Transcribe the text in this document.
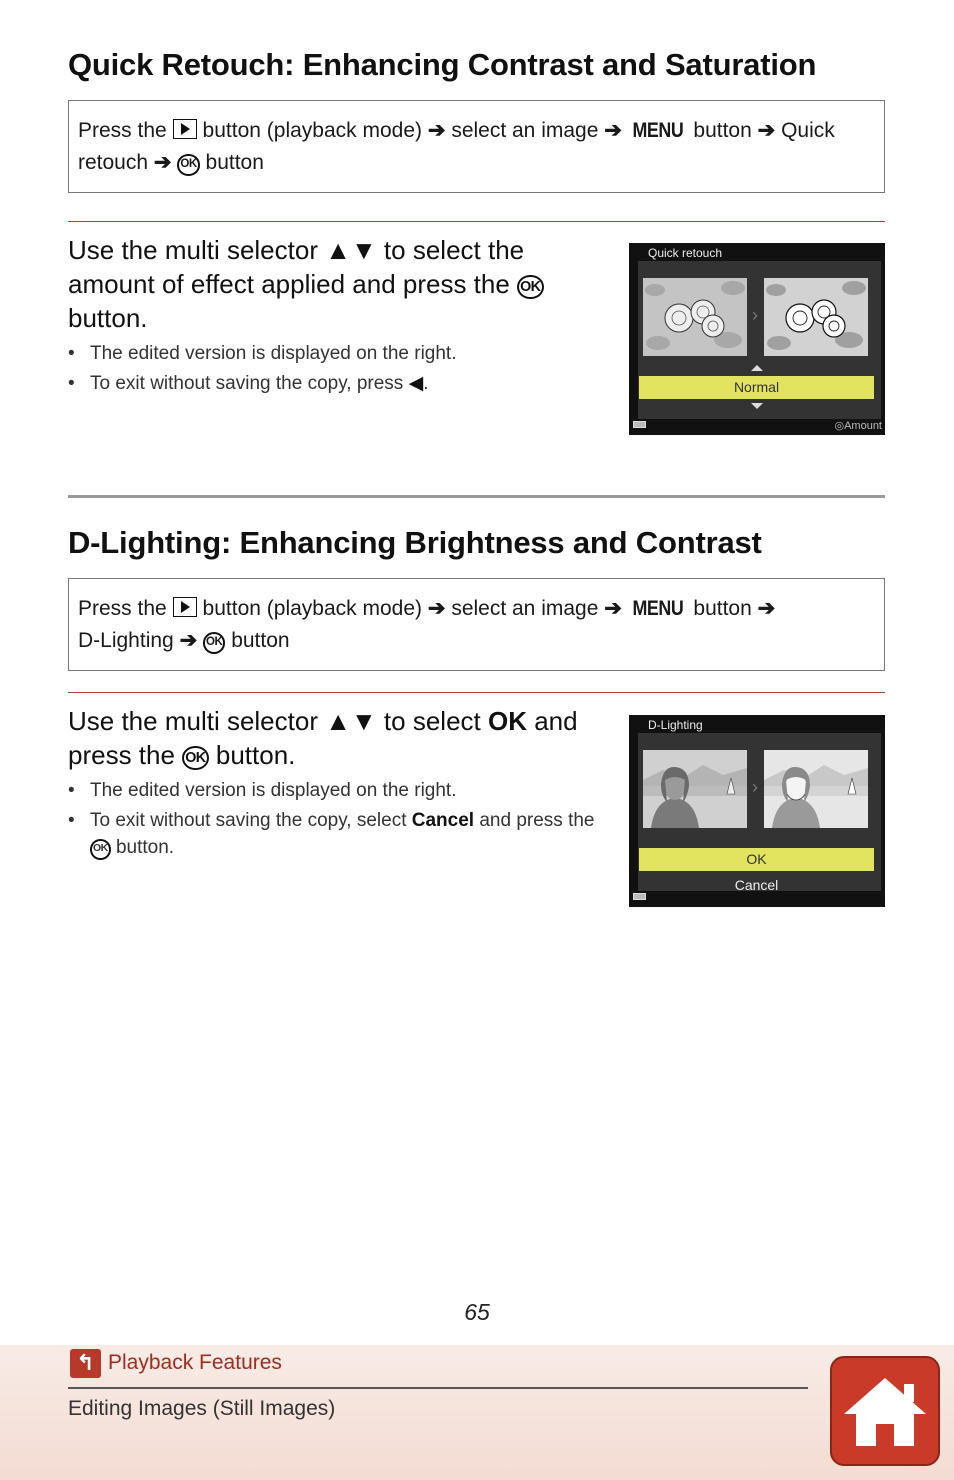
Quick Retouch: Enhancing Contrast and Saturation
Press the button (playback mode) ➔ select an image ➔ MENU button ➔ Quick
retouch ➔ OK button
Use the multi selector ▲▼ to select the amount of effect applied and press the OK
button.
• The edited version is displayed on the right.
• To exit without saving the copy, press ◀.
Quick retouch
›
Normal
◎Amount
D-Lighting: Enhancing Brightness and Contrast
Press the button (playback mode) ➔ select an image ➔ MENU button ➔
D-Lighting ➔ OK button
Use the multi selector ▲▼ to select OK and press the OK button.
• The edited version is displayed on the right.
• To exit without saving the copy, select Cancel and press the OK button.
D-Lighting
›
OK
Cancel
65
↰ Playback Features
Editing Images (Still Images)
